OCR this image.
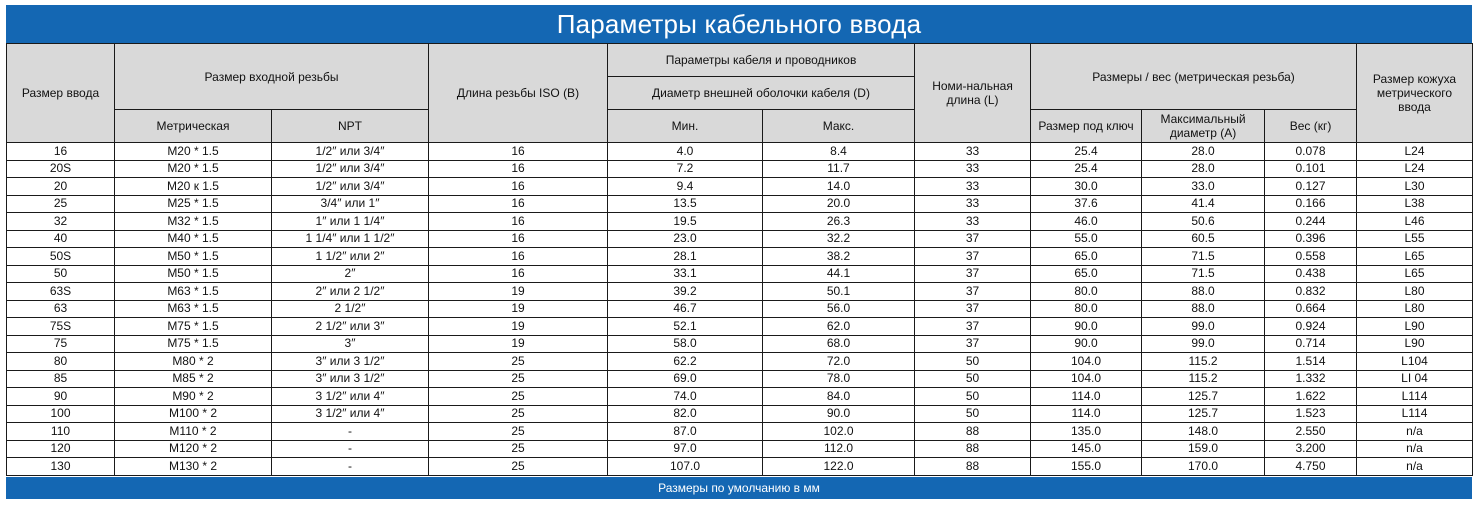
Параметры кабельного ввода
Размер ввода	Размер входной резьбы		Длина резьбы ISO (B)	Параметры кабеля и проводников		Номи-нальная длина (L)	Размеры / вес (метрическая резьба)			Размер кожуха метрического ввода
				Диаметр внешней оболочки кабеля (D)						
	Метрическая	NPT		Мин.	Макс.		Размер под ключ	Максимальный диаметр (A)	Вес (кг)	
16	M20 * 1.5	1/2″ или 3/4″	16	4.0	8.4	33	25.4	28.0	0.078	L24
20S	M20 * 1.5	1/2″ или 3/4″	16	7.2	11.7	33	25.4	28.0	0.101	L24
20	M20 к 1.5	1/2″ или 3/4″	16	9.4	14.0	33	30.0	33.0	0.127	L30
25	M25 * 1.5	3/4″ или 1″	16	13.5	20.0	33	37.6	41.4	0.166	L38
32	M32 * 1.5	1″ или 1 1/4″	16	19.5	26.3	33	46.0	50.6	0.244	L46
40	M40 * 1.5	1 1/4″ или 1 1/2″	16	23.0	32.2	37	55.0	60.5	0.396	L55
50S	M50 * 1.5	1 1/2″ или 2″	16	28.1	38.2	37	65.0	71.5	0.558	L65
50	M50 * 1.5	2″	16	33.1	44.1	37	65.0	71.5	0.438	L65
63S	M63 * 1.5	2″ или 2 1/2″	19	39.2	50.1	37	80.0	88.0	0.832	L80
63	M63 * 1.5	2 1/2″	19	46.7	56.0	37	80.0	88.0	0.664	L80
75S	M75 * 1.5	2 1/2″ или 3″	19	52.1	62.0	37	90.0	99.0	0.924	L90
75	M75 * 1.5	3″	19	58.0	68.0	37	90.0	99.0	0.714	L90
80	M80 * 2	3″ или 3 1/2″	25	62.2	72.0	50	104.0	115.2	1.514	L104
85	M85 * 2	3″ или 3 1/2″	25	69.0	78.0	50	104.0	115.2	1.332	LI 04
90	M90 * 2	3 1/2″ или 4″	25	74.0	84.0	50	114.0	125.7	1.622	L114
100	M100 * 2	3 1/2″ или 4″	25	82.0	90.0	50	114.0	125.7	1.523	L114
110	M110 * 2	-	25	87.0	102.0	88	135.0	148.0	2.550	n/a
120	M120 * 2	-	25	97.0	112.0	88	145.0	159.0	3.200	n/a
130	M130 * 2	-	25	107.0	122.0	88	155.0	170.0	4.750	n/a
Размеры по умолчанию в мм
